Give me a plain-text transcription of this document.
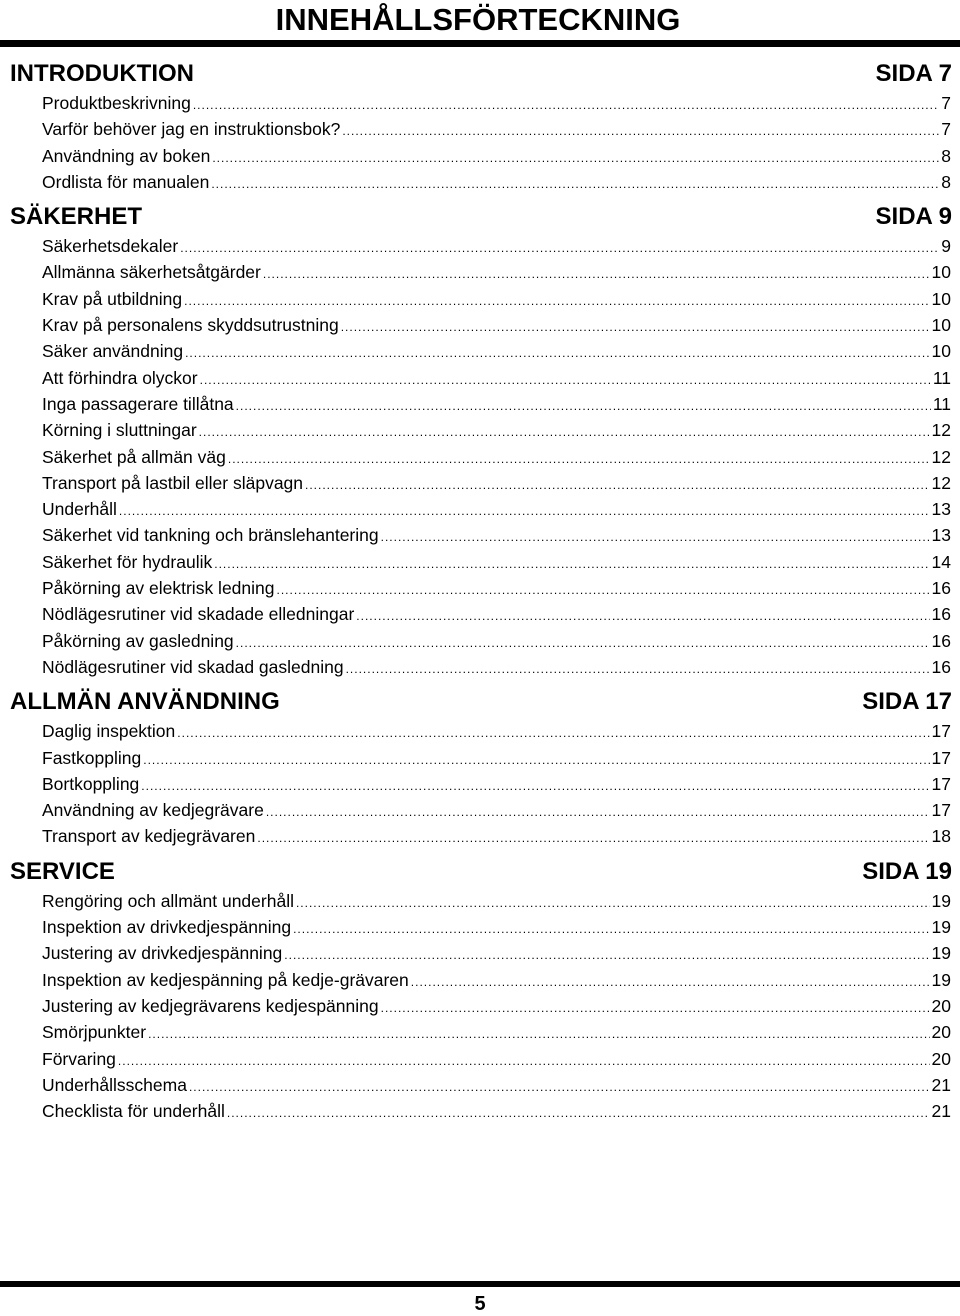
INNEHÅLLSFÖRTECKNING
INTRODUKTION	SIDA 7
Produktbeskrivning .....	7
Varför behöver jag en instruktionsbok? .....	7
Användning av boken .....	8
Ordlista för manualen .....	8
SÄKERHET	SIDA 9
Säkerhetsdekaler .....	9
Allmänna säkerhetsåtgärder .....	10
Krav på utbildning .....	10
Krav på personalens skyddsutrustning .....	10
Säker användning .....	10
Att förhindra olyckor .....	11
Inga passagerare tillåtna .....	11
Körning i sluttningar .....	12
Säkerhet på allmän väg .....	12
Transport på lastbil eller släpvagn .....	12
Underhåll .....	13
Säkerhet vid tankning och bränslehantering .....	13
Säkerhet för hydraulik .....	14
Påkörning av elektrisk ledning .....	16
Nödlägesrutiner vid skadade elledningar .....	16
Påkörning av gasledning .....	16
Nödlägesrutiner vid skadad gasledning .....	16
ALLMÄN ANVÄNDNING	SIDA 17
Daglig inspektion .....	17
Fastkoppling .....	17
Bortkoppling .....	17
Användning av kedjegrävare .....	17
Transport av kedjegrävaren .....	18
SERVICE	SIDA 19
Rengöring och allmänt underhåll .....	19
Inspektion av drivkedjespänning .....	19
Justering av drivkedjespänning .....	19
Inspektion av kedjespänning på kedje-grävaren .....	19
Justering av kedjegrävarens kedjespänning .....	20
Smörjpunkter .....	20
Förvaring .....	20
Underhållsschema .....	21
Checklista för underhåll .....	21
5
